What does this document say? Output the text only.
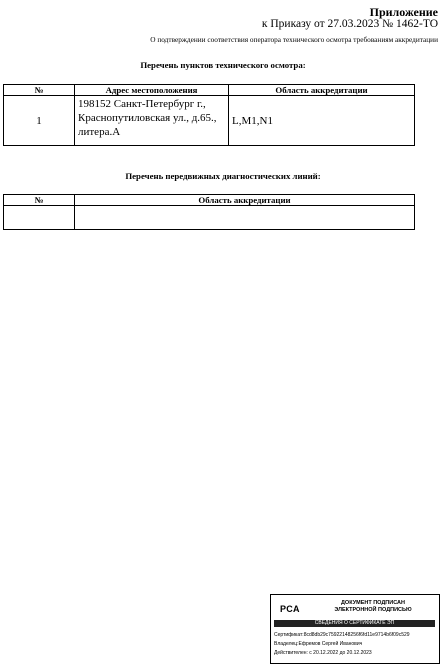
Приложение
к Приказу от 27.03.2023 № 1462-ТО
О подтверждении соответствия оператора технического осмотра требованиям аккредитации
Перечень пунктов технического осмотра:
№	Адрес местоположения	Область аккредитации
1	198152 Санкт-Петербург г., Краснопутиловская ул., д.65., литера.А	L,M1,N1
Перечень передвижных диагностических линий:
№	Область аккредитации

РСА
ДОКУМЕНТ ПОДПИСАН
ЭЛЕКТРОННОЙ ПОДПИСЬЮ
СВЕДЕНИЯ О СЕРТИФИКАТЕ ЭП
Сертификат:8cd8db29c75922148256f6fd11e9714b6f09c529
Владелец:Ефремов Сергей Иванович
Действителен: с 20.12.2022 до 20.12.2023
